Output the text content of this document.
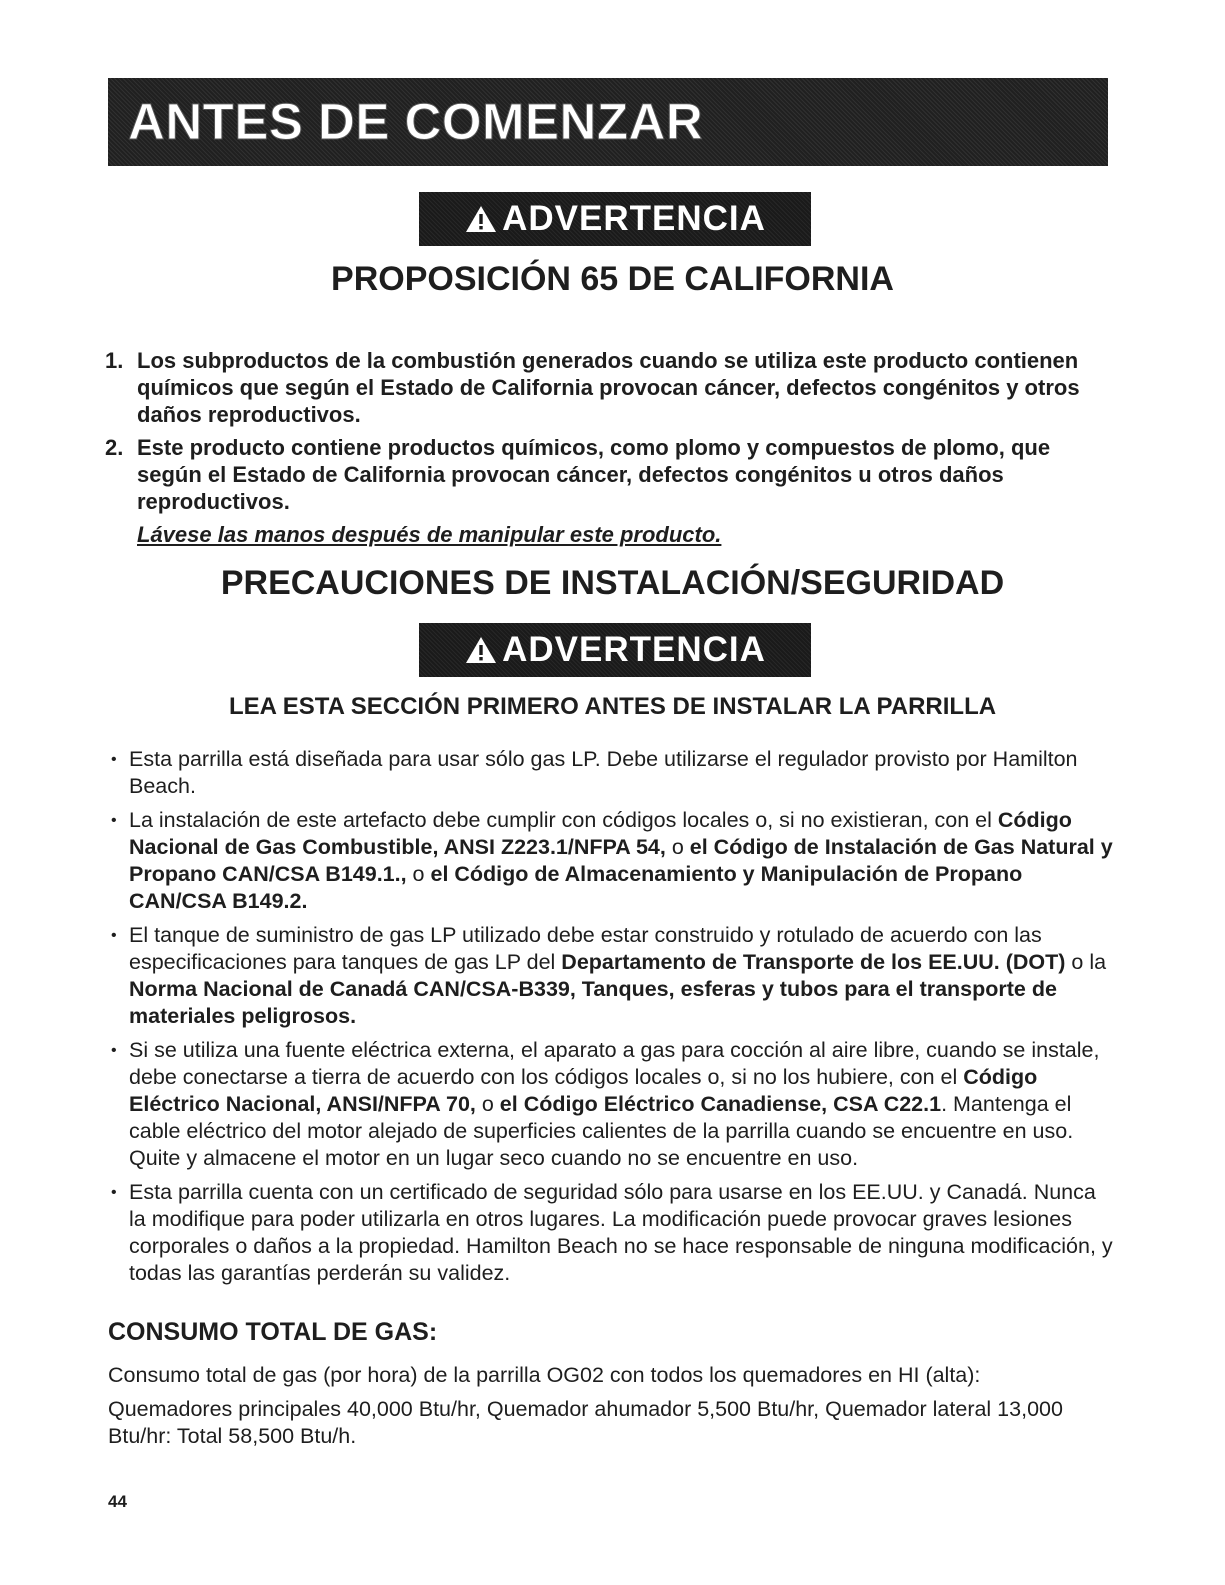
ANTES DE COMENZAR
ADVERTENCIA
PROPOSICIÓN 65 DE CALIFORNIA
1. Los subproductos de la combustión generados cuando se utiliza este producto contienen químicos que según el Estado de California provocan cáncer, defectos congénitos y otros daños reproductivos.
2. Este producto contiene productos químicos, como plomo y compuestos de plomo, que según el Estado de California provocan cáncer, defectos congénitos u otros daños reproductivos.
Lávese las manos después de manipular este producto.
PRECAUCIONES DE INSTALACIÓN/SEGURIDAD
ADVERTENCIA
LEA ESTA SECCIÓN PRIMERO ANTES DE INSTALAR LA PARRILLA
• Esta parrilla está diseñada para usar sólo gas LP. Debe utilizarse el regulador provisto por Hamilton Beach.
• La instalación de este artefacto debe cumplir con códigos locales o, si no existieran, con el Código Nacional de Gas Combustible, ANSI Z223.1/NFPA 54, o el Código de Instalación de Gas Natural y Propano CAN/CSA B149.1., o el Código de Almacenamiento y Manipulación de Propano CAN/CSA B149.2.
• El tanque de suministro de gas LP utilizado debe estar construido y rotulado de acuerdo con las especificaciones para tanques de gas LP del Departamento de Transporte de los EE.UU. (DOT) o la Norma Nacional de Canadá CAN/CSA-B339, Tanques, esferas y tubos para el transporte de materiales peligrosos.
• Si se utiliza una fuente eléctrica externa, el aparato a gas para cocción al aire libre, cuando se instale, debe conectarse a tierra de acuerdo con los códigos locales o, si no los hubiere, con el Código Eléctrico Nacional, ANSI/NFPA 70, o el Código Eléctrico Canadiense, CSA C22.1. Mantenga el cable eléctrico del motor alejado de superficies calientes de la parrilla cuando se encuentre en uso. Quite y almacene el motor en un lugar seco cuando no se encuentre en uso.
• Esta parrilla cuenta con un certificado de seguridad sólo para usarse en los EE.UU. y Canadá. Nunca la modifique para poder utilizarla en otros lugares. La modificación puede provocar graves lesiones corporales o daños a la propiedad. Hamilton Beach no se hace responsable de ninguna modificación, y todas las garantías perderán su validez.
CONSUMO TOTAL DE GAS:

Consumo total de gas (por hora) de la parrilla OG02 con todos los quemadores en HI (alta):

Quemadores principales 40,000 Btu/hr, Quemador ahumador 5,500 Btu/hr, Quemador lateral 13,000 Btu/hr: Total 58,500 Btu/h.

44
